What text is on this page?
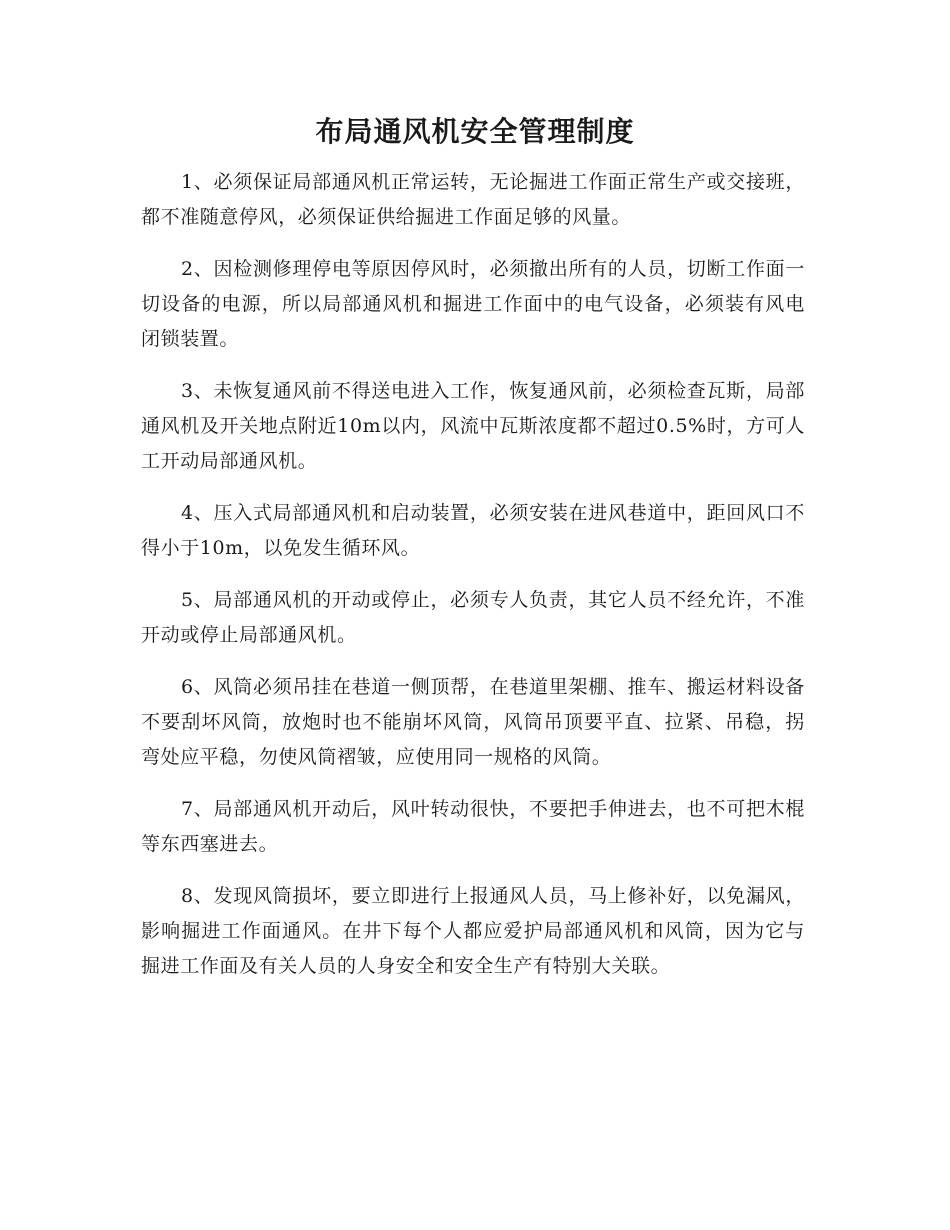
布局通风机安全管理制度

1、必须保证局部通风机正常运转，无论掘进工作面正常生产或交接班，都不准随意停风，必须保证供给掘进工作面足够的风量。

2、因检测修理停电等原因停风时，必须撤出所有的人员，切断工作面一切设备的电源，所以局部通风机和掘进工作面中的电气设备，必须装有风电闭锁装置。

3、未恢复通风前不得送电进入工作，恢复通风前，必须检查瓦斯，局部通风机及开关地点附近10m以内，风流中瓦斯浓度都不超过0.5%时，方可人工开动局部通风机。

4、压入式局部通风机和启动装置，必须安装在进风巷道中，距回风口不得小于10m，以免发生循环风。

5、局部通风机的开动或停止，必须专人负责，其它人员不经允许，不准开动或停止局部通风机。

6、风筒必须吊挂在巷道一侧顶帮，在巷道里架棚、推车、搬运材料设备不要刮坏风筒，放炮时也不能崩坏风筒，风筒吊顶要平直、拉紧、吊稳，拐弯处应平稳，勿使风筒褶皱，应使用同一规格的风筒。

7、局部通风机开动后，风叶转动很快，不要把手伸进去，也不可把木棍等东西塞进去。

8、发现风筒损坏，要立即进行上报通风人员，马上修补好，以免漏风，影响掘进工作面通风。在井下每个人都应爱护局部通风机和风筒，因为它与掘进工作面及有关人员的人身安全和安全生产有特别大关联。
